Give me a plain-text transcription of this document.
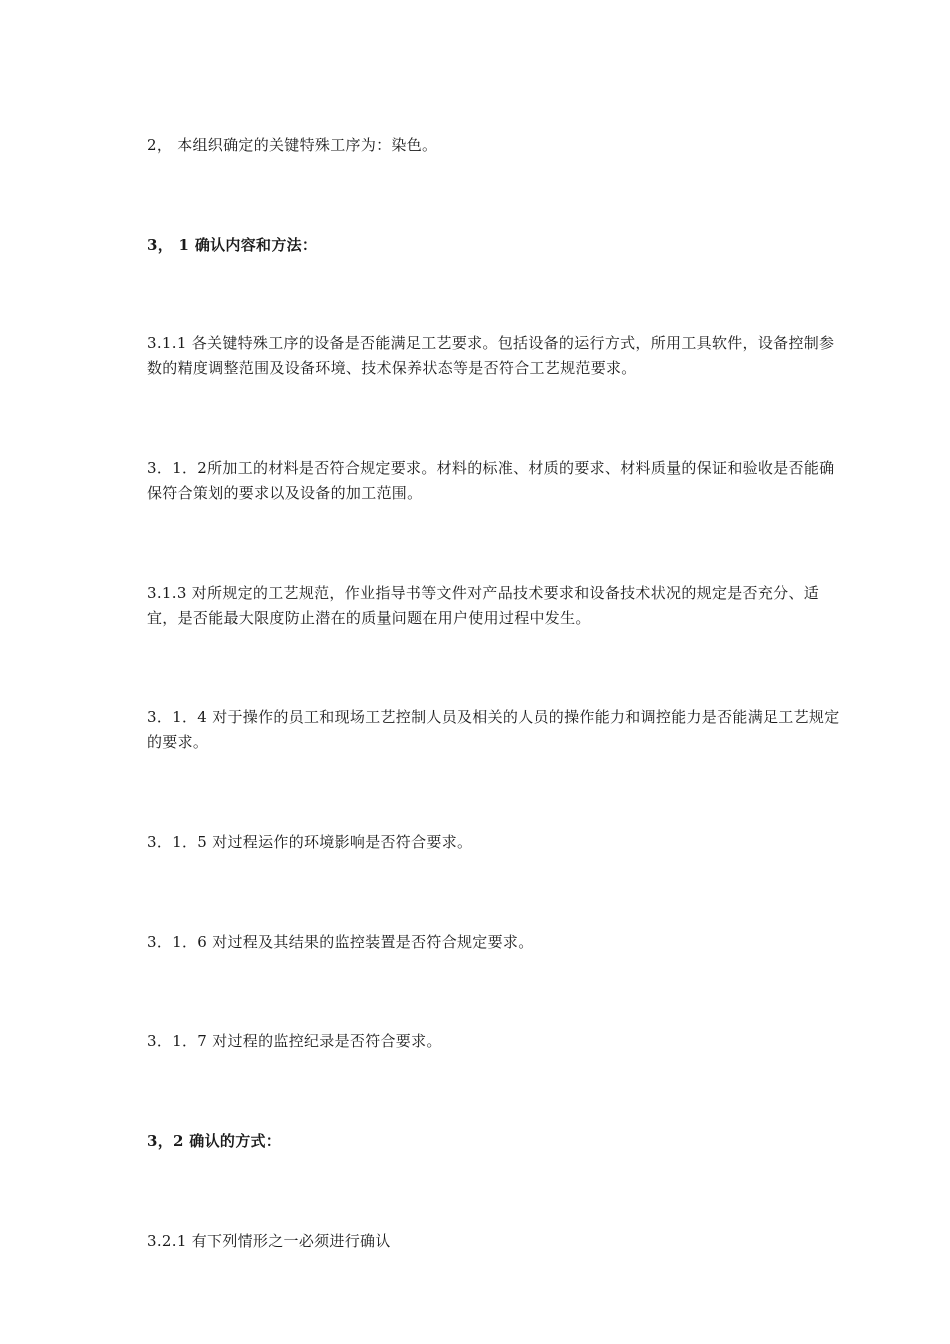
2， 本组织确定的关键特殊工序为：染色。

3， 1 确认内容和方法：

3.1.1 各关键特殊工序的设备是否能满足工艺要求。包括设备的运行方式，所用工具软件，设备控制参数的精度调整范围及设备环境、技术保养状态等是否符合工艺规范要求。

3．1．2所加工的材料是否符合规定要求。材料的标准、材质的要求、材料质量的保证和验收是否能确保符合策划的要求以及设备的加工范围。

3.1.3 对所规定的工艺规范，作业指导书等文件对产品技术要求和设备技术状况的规定是否充分、适宜，是否能最大限度防止潜在的质量问题在用户使用过程中发生。

3．1．4 对于操作的员工和现场工艺控制人员及相关的人员的操作能力和调控能力是否能满足工艺规定的要求。

3．1．5 对过程运作的环境影响是否符合要求。

3．1．6 对过程及其结果的监控装置是否符合规定要求。

3．1．7 对过程的监控纪录是否符合要求。

3，2 确认的方式：

3.2.1 有下列情形之一必须进行确认
